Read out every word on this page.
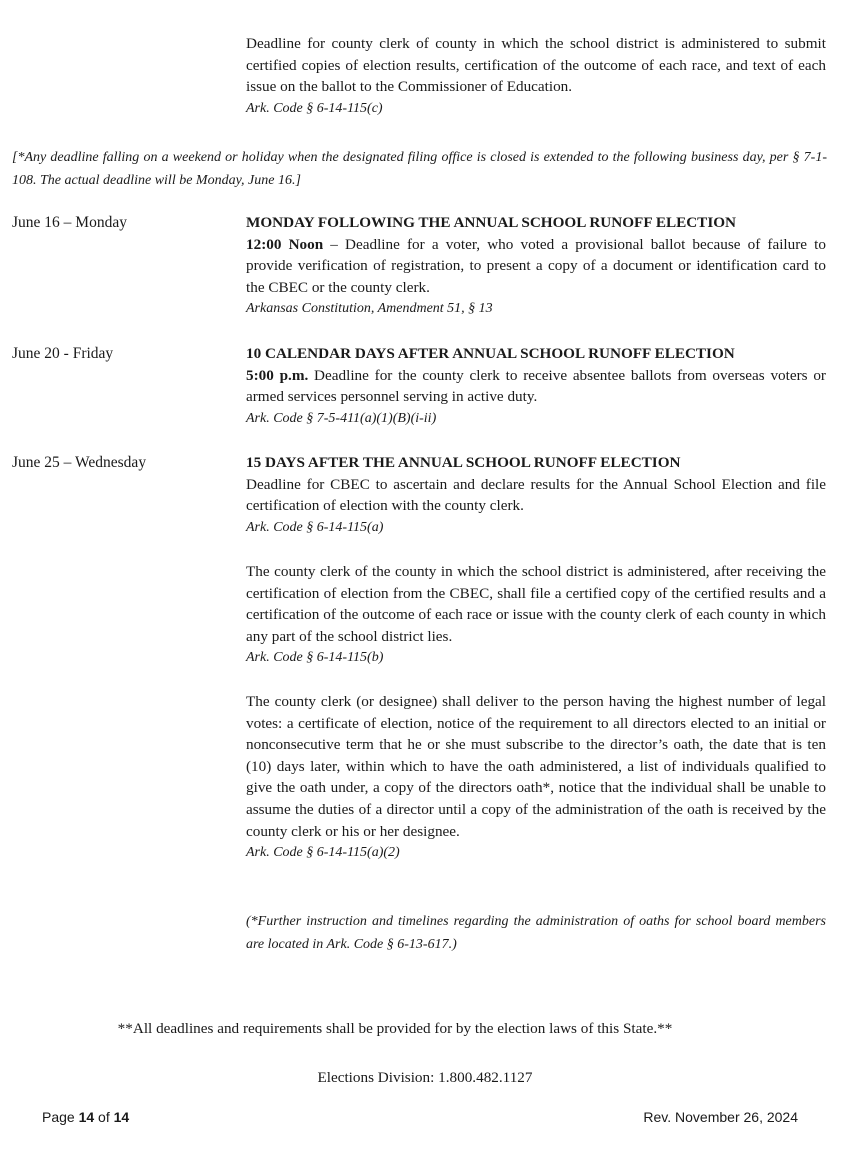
Deadline for county clerk of county in which the school district is administered to submit certified copies of election results, certification of the outcome of each race, and text of each issue on the ballot to the Commissioner of Education.
Ark. Code § 6-14-115(c)
[*Any deadline falling on a weekend or holiday when the designated filing office is closed is extended to the following business day, per § 7-1-108. The actual deadline will be Monday, June 16.]
June 16 – Monday	MONDAY FOLLOWING THE ANNUAL SCHOOL RUNOFF ELECTION
12:00 Noon – Deadline for a voter, who voted a provisional ballot because of failure to provide verification of registration, to present a copy of a document or identification card to the CBEC or the county clerk.
Arkansas Constitution, Amendment 51, § 13
June 20 - Friday	10 CALENDAR DAYS AFTER ANNUAL SCHOOL RUNOFF ELECTION
5:00 p.m. Deadline for the county clerk to receive absentee ballots from overseas voters or armed services personnel serving in active duty.
Ark. Code § 7-5-411(a)(1)(B)(i-ii)
June 25 – Wednesday	15 DAYS AFTER THE ANNUAL SCHOOL RUNOFF ELECTION
Deadline for CBEC to ascertain and declare results for the Annual School Election and file certification of election with the county clerk.
Ark. Code § 6-14-115(a)
The county clerk of the county in which the school district is administered, after receiving the certification of election from the CBEC, shall file a certified copy of the certified results and a certification of the outcome of each race or issue with the county clerk of each county in which any part of the school district lies.
Ark. Code § 6-14-115(b)
The county clerk (or designee) shall deliver to the person having the highest number of legal votes: a certificate of election, notice of the requirement to all directors elected to an initial or nonconsecutive term that he or she must subscribe to the director’s oath, the date that is ten (10) days later, within which to have the oath administered, a list of individuals qualified to give the oath under, a copy of the directors oath*, notice that the individual shall be unable to assume the duties of a director until a copy of the administration of the oath is received by the county clerk or his or her designee.
Ark. Code § 6-14-115(a)(2)
(*Further instruction and timelines regarding the administration of oaths for school board members are located in Ark. Code § 6-13-617.)
**All deadlines and requirements shall be provided for by the election laws of this State.**
Elections Division: 1.800.482.1127
Page 14 of 14	Rev. November 26, 2024
